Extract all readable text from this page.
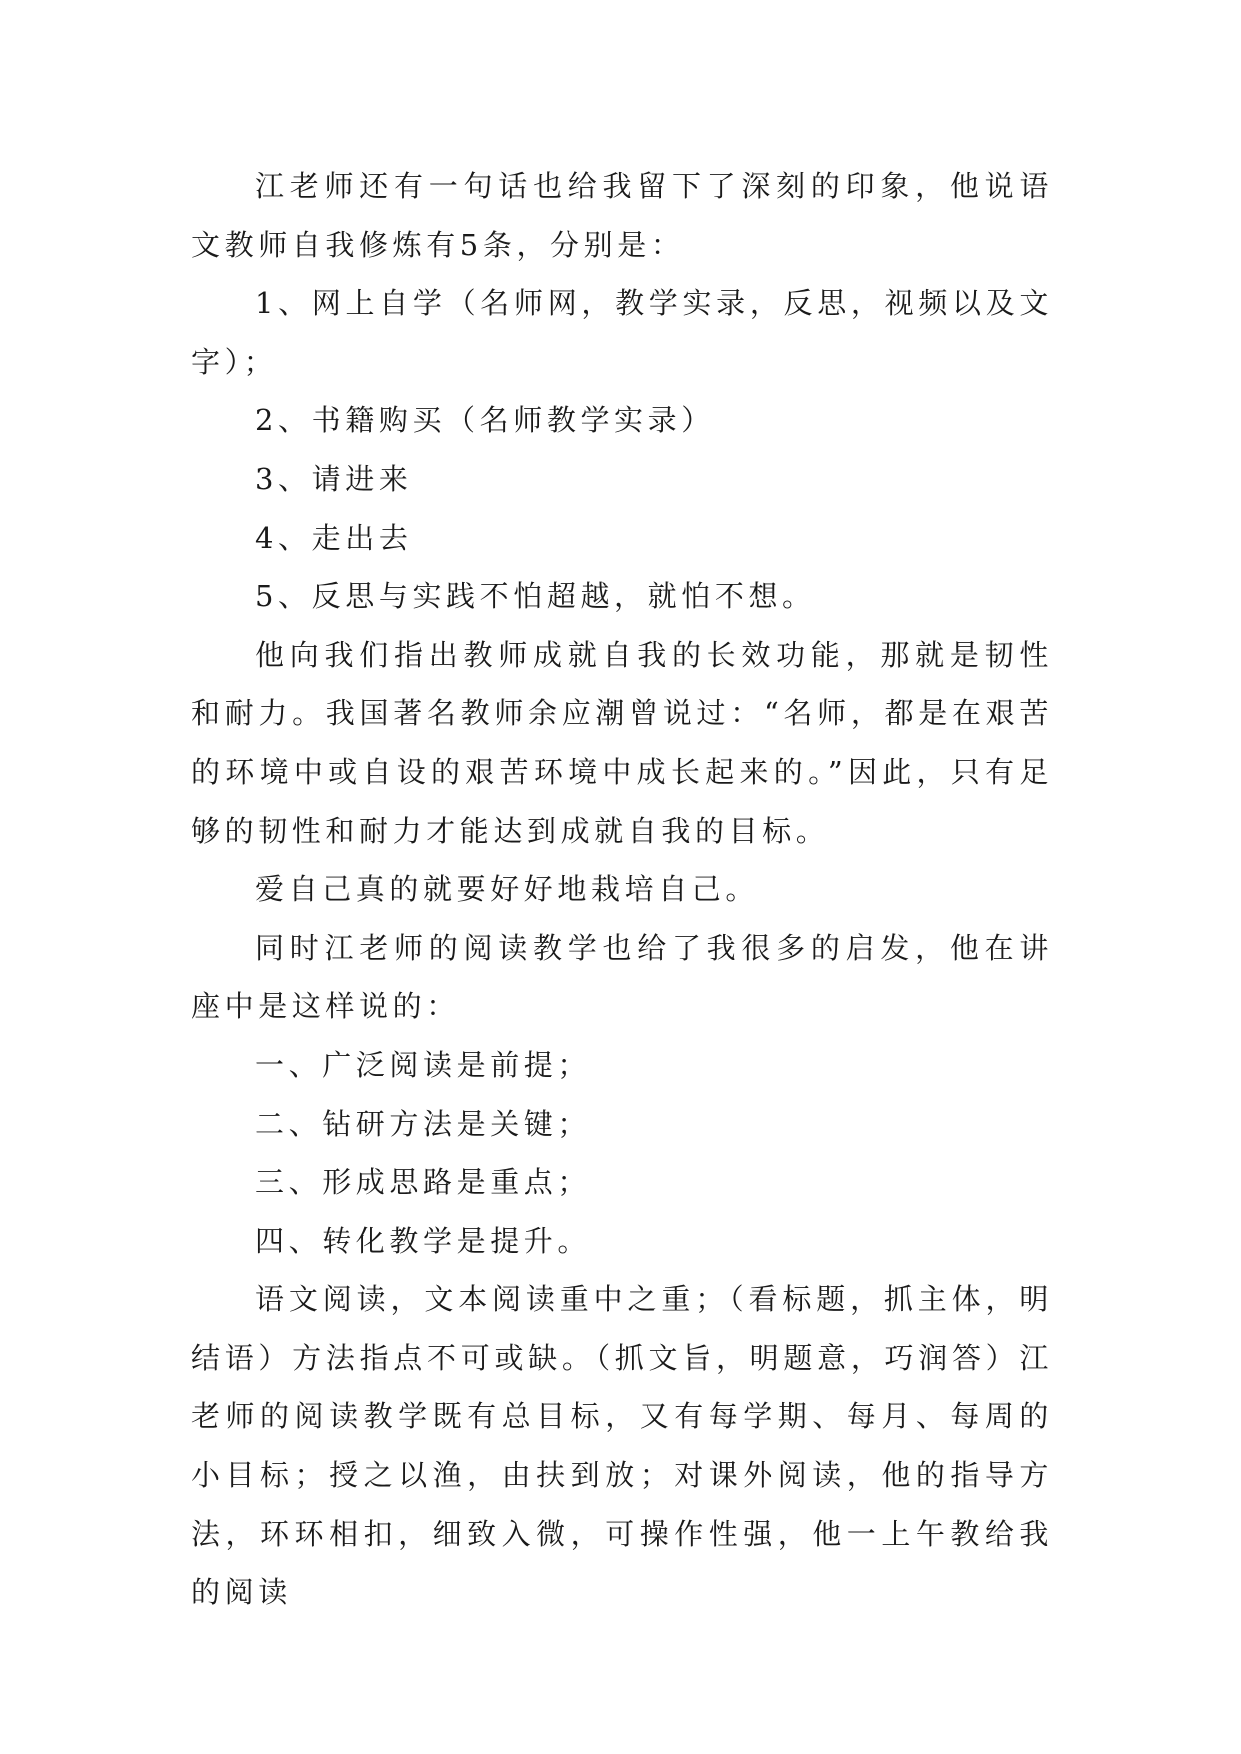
江老师还有一句话也给我留下了深刻的印象，他说语文教师自我修炼有5条，分别是：

1、网上自学（名师网，教学实录，反思，视频以及文字）；

2、书籍购买（名师教学实录）

3、请进来

4、走出去

5、反思与实践不怕超越，就怕不想。

他向我们指出教师成就自我的长效功能，那就是韧性和耐力。我国著名教师余应潮曾说过：“名师，都是在艰苦的环境中或自设的艰苦环境中成长起来的。”因此，只有足够的韧性和耐力才能达到成就自我的目标。

爱自己真的就要好好地栽培自己。

同时江老师的阅读教学也给了我很多的启发，他在讲座中是这样说的：

一、广泛阅读是前提；

二、钻研方法是关键；

三、形成思路是重点；

四、转化教学是提升。

语文阅读，文本阅读重中之重；（看标题，抓主体，明结语）方法指点不可或缺。（抓文旨，明题意，巧润答）江老师的阅读教学既有总目标，又有每学期、每月、每周的小目标；授之以渔，由扶到放；对课外阅读，他的指导方法，环环相扣，细致入微，可操作性强，他一上午教给我的阅读
